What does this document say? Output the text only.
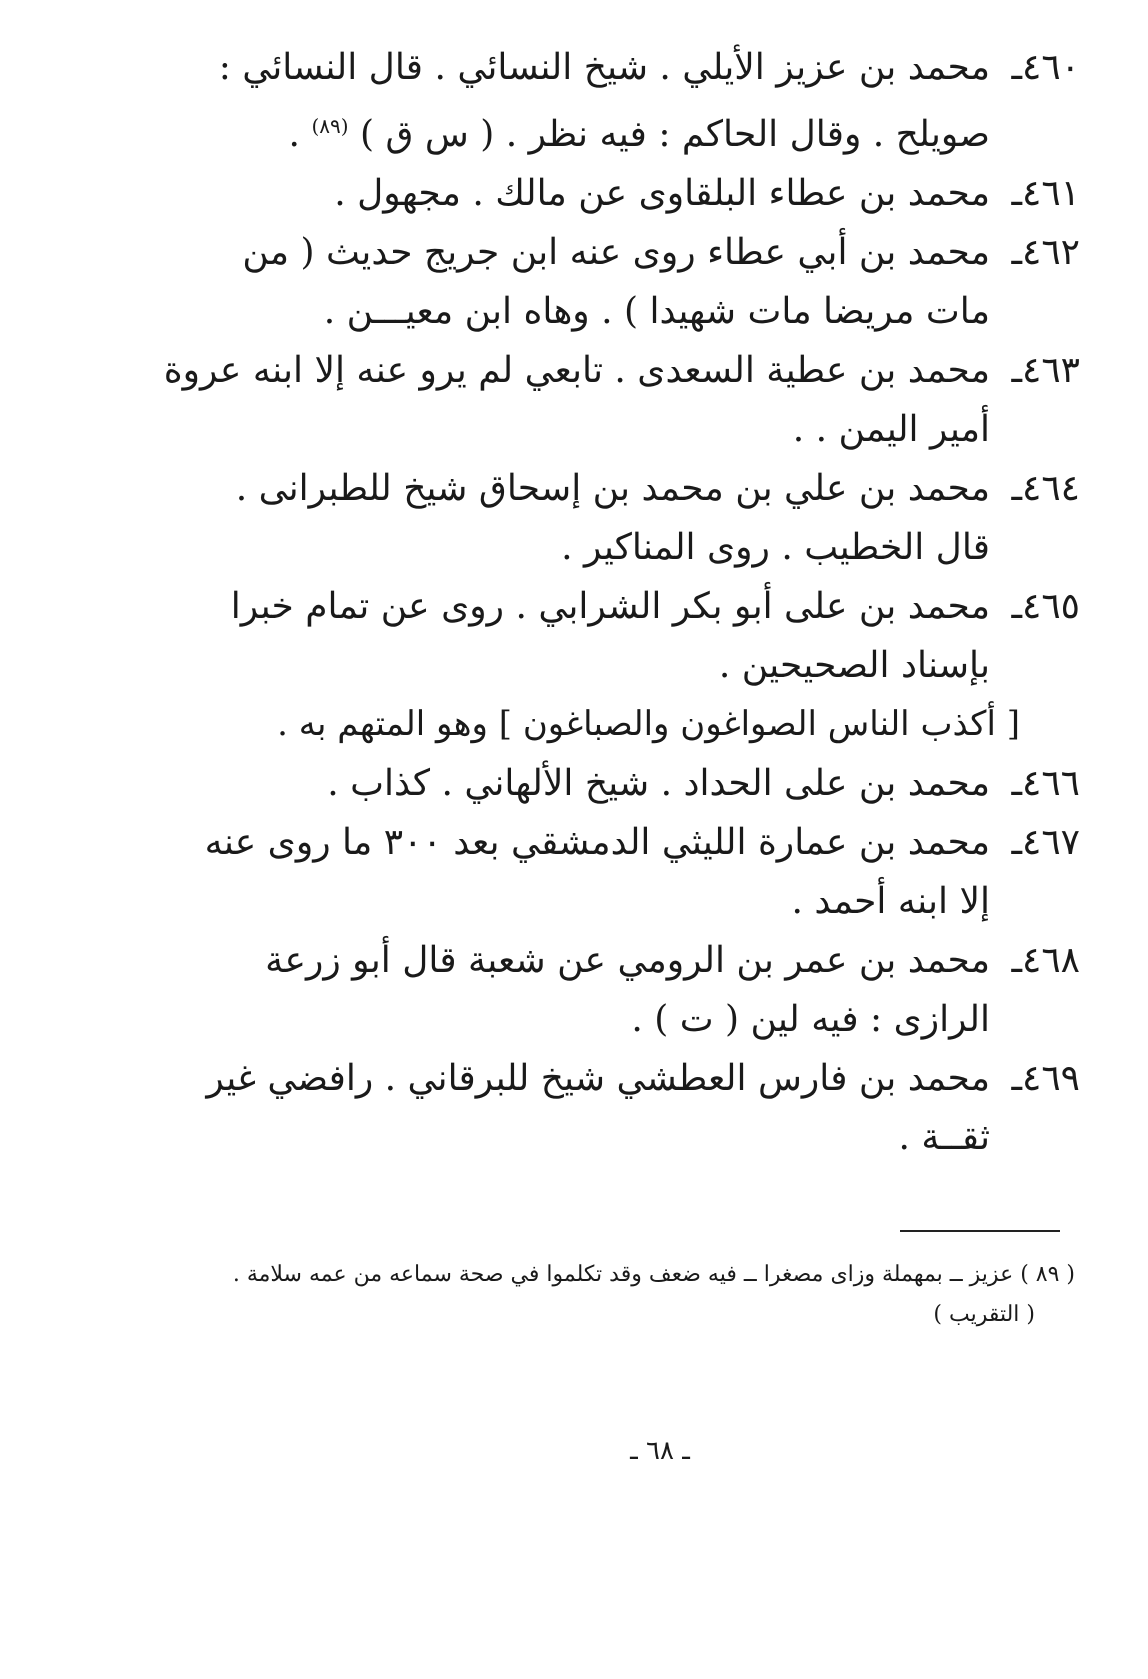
٤٦٠ـمحمد بن عزيز الأيلي . شيخ النسائي . قال النسائي :
صويلح . وقال الحاكم : فيه نظر . ( س ق ) $^{(٨٩)}$ .

٤٦١ـمحمد بن عطاء البلقاوى عن مالك . مجهول .

٤٦٢ـمحمد بن أبي عطاء روى عنه ابن جريج حديث ( من
مات مريضا مات شهيدا ) . وهاه ابن معيـــن .

٤٦٣ـمحمد بن عطية السعدى . تابعي لم يرو عنه إلا ابنه عروة
أمير اليمن . .

٤٦٤ـمحمد بن علي بن محمد بن إسحاق شيخ للطبرانى .
قال الخطيب . روى المناكير .

٤٦٥ـمحمد بن على أبو بكر الشرابي . روى عن تمام خبرا
بإسناد الصحيحين .
[ أكذب الناس الصواغون والصباغون ] وهو المتهم به .

٤٦٦ـمحمد بن على الحداد . شيخ الألهاني . كذاب .

٤٦٧ـمحمد بن عمارة الليثي الدمشقي بعد ٣٠٠ ما روى عنه
إلا ابنه أحمد .

٤٦٨ـمحمد بن عمر بن الرومي عن شعبة قال أبو زرعة
الرازى : فيه لين ( ت ) .

٤٦٩ـمحمد بن فارس العطشي شيخ للبرقاني . رافضي غير
ثقــة .

( ٨٩ ) عزيز ــ بمهملة وزاى مصغرا ــ فيه ضعف وقد تكلموا في صحة سماعه من عمه سلامة .
( التقريب )
ـ ٦٨ ـ
